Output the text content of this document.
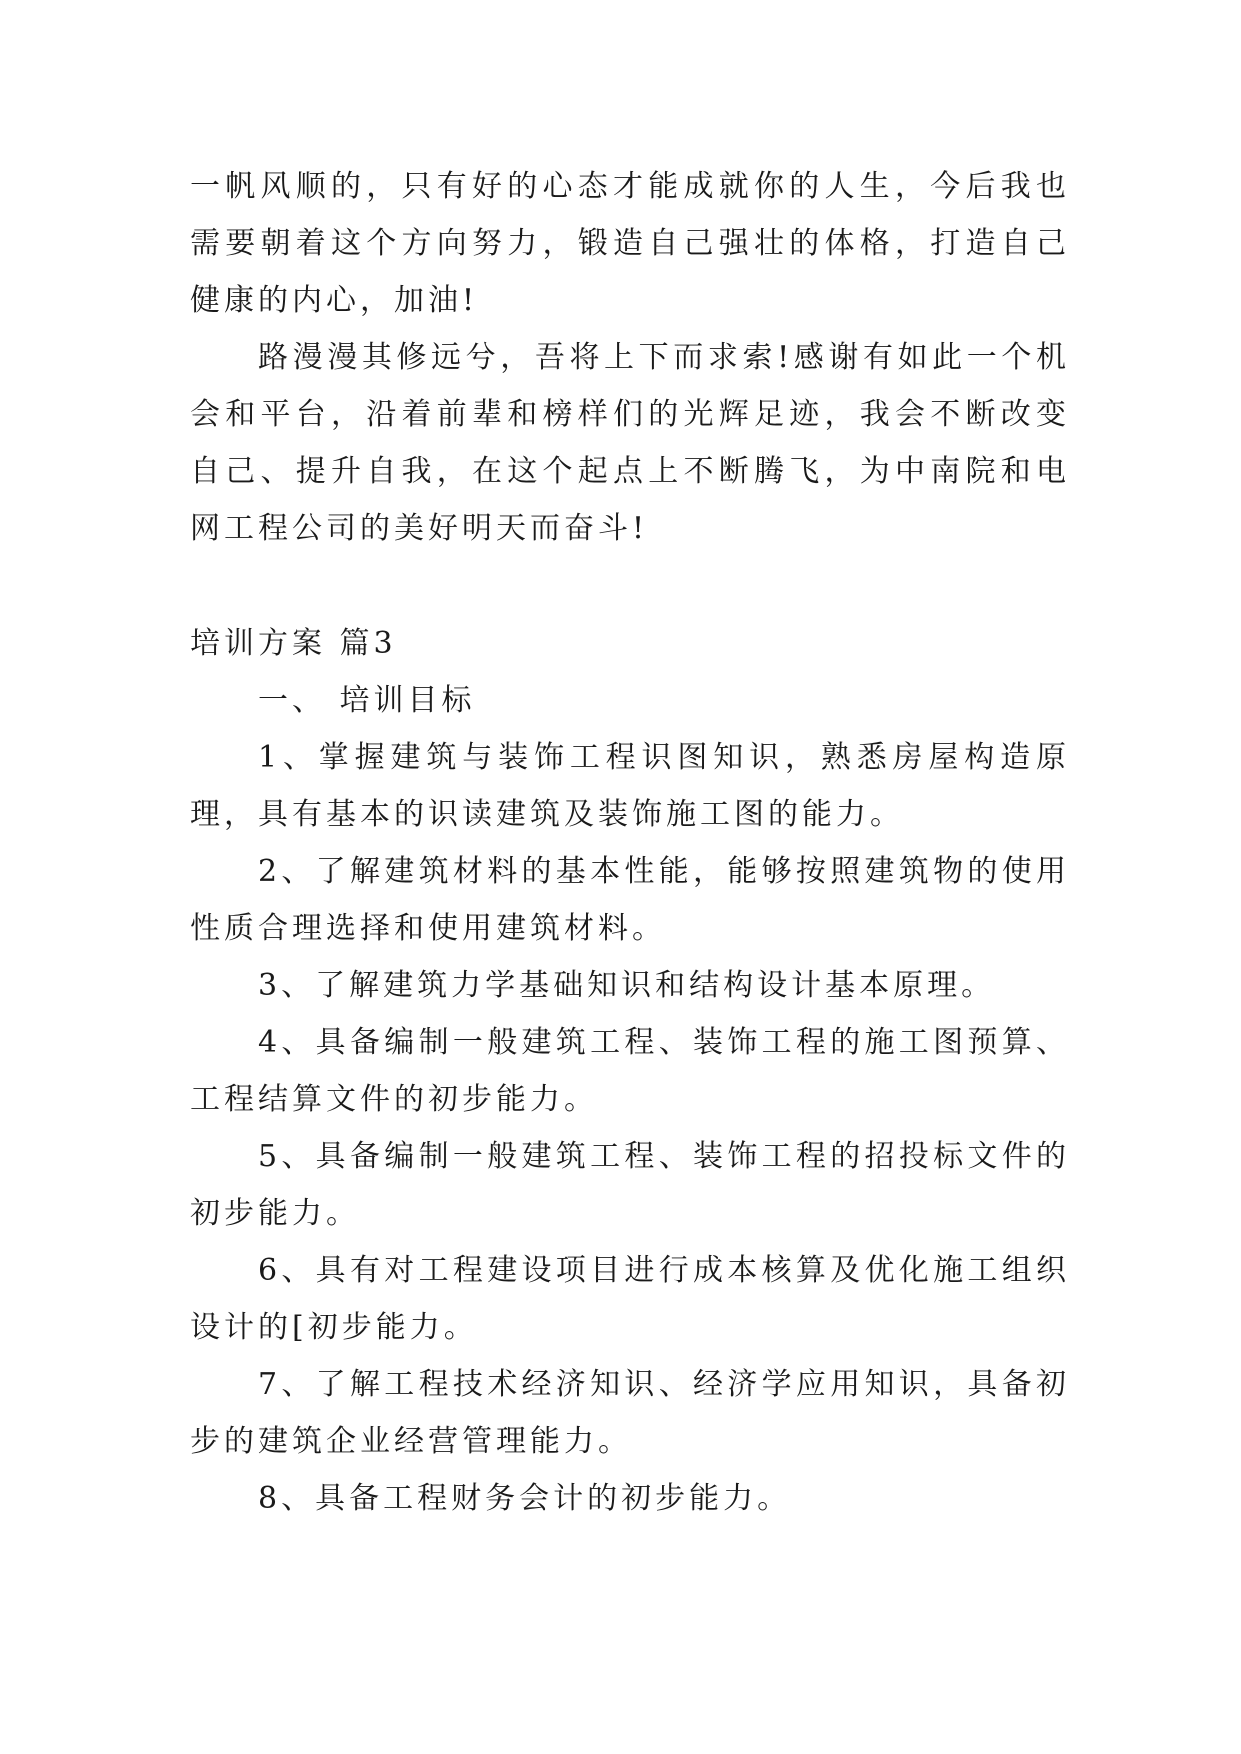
一帆风顺的，只有好的心态才能成就你的人生，今后我也需要朝着这个方向努力，锻造自己强壮的体格，打造自己健康的内心，加油!

路漫漫其修远兮，吾将上下而求索!感谢有如此一个机会和平台，沿着前辈和榜样们的光辉足迹，我会不断改变自己、提升自我，在这个起点上不断腾飞，为中南院和电网工程公司的美好明天而奋斗!

培训方案 篇3

一、 培训目标

1、掌握建筑与装饰工程识图知识，熟悉房屋构造原理，具有基本的识读建筑及装饰施工图的能力。

2、了解建筑材料的基本性能，能够按照建筑物的使用性质合理选择和使用建筑材料。

3、了解建筑力学基础知识和结构设计基本原理。

4、具备编制一般建筑工程、装饰工程的施工图预算、工程结算文件的初步能力。

5、具备编制一般建筑工程、装饰工程的招投标文件的初步能力。

6、具有对工程建设项目进行成本核算及优化施工组织设计的[初步能力。

7、了解工程技术经济知识、经济学应用知识，具备初步的建筑企业经营管理能力。

8、具备工程财务会计的初步能力。
